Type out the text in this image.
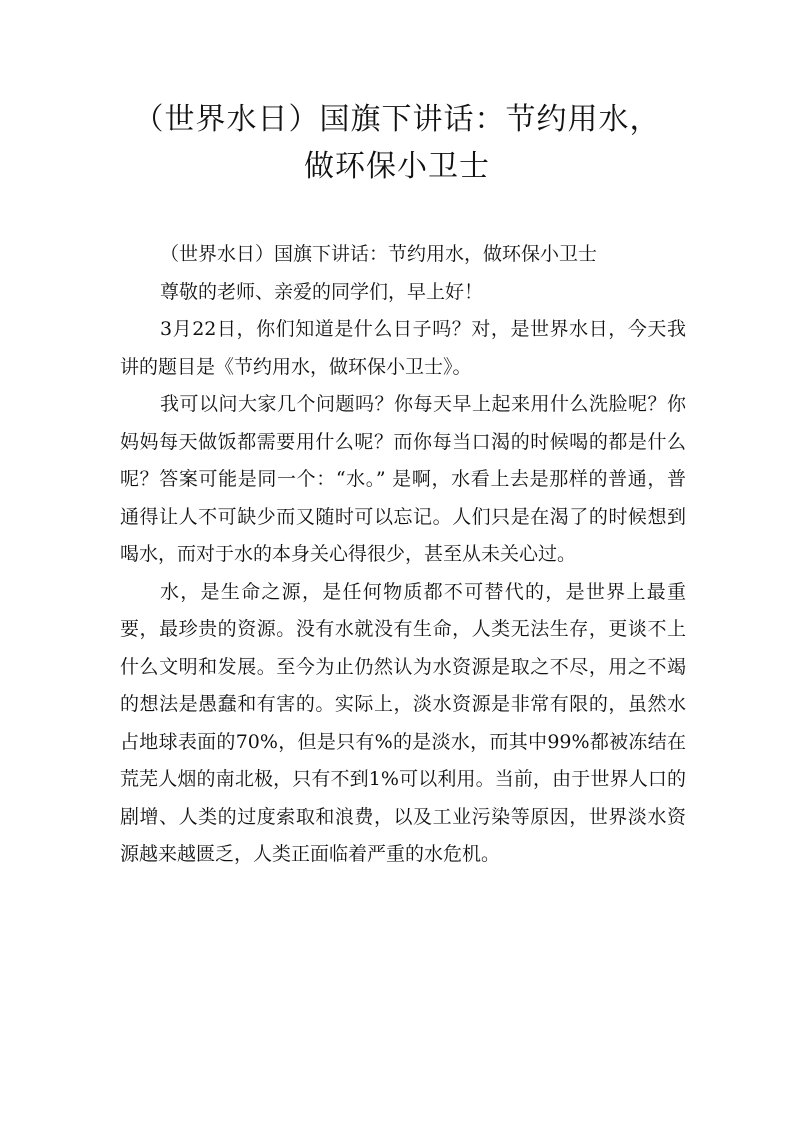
（世界水日）国旗下讲话：节约用水，
做环保小卫士

（世界水日）国旗下讲话：节约用水，做环保小卫士

尊敬的老师、亲爱的同学们，早上好！

3月22日，你们知道是什么日子吗？对，是世界水日，今天我讲的题目是《节约用水，做环保小卫士》。

我可以问大家几个问题吗？你每天早上起来用什么洗脸呢？你妈妈每天做饭都需要用什么呢？而你每当口渴的时候喝的都是什么呢？答案可能是同一个：“水。” 是啊，水看上去是那样的普通，普通得让人不可缺少而又随时可以忘记。人们只是在渴了的时候想到喝水，而对于水的本身关心得很少，甚至从未关心过。

水，是生命之源，是任何物质都不可替代的，是世界上最重要，最珍贵的资源。没有水就没有生命，人类无法生存，更谈不上什么文明和发展。至今为止仍然认为水资源是取之不尽，用之不竭的想法是愚蠢和有害的。实际上，淡水资源是非常有限的，虽然水占地球表面的70%，但是只有%的是淡水，而其中99%都被冻结在荒芜人烟的南北极，只有不到1%可以利用。当前，由于世界人口的剧增、人类的过度索取和浪费，以及工业污染等原因，世界淡水资源越来越匮乏，人类正面临着严重的水危机。
